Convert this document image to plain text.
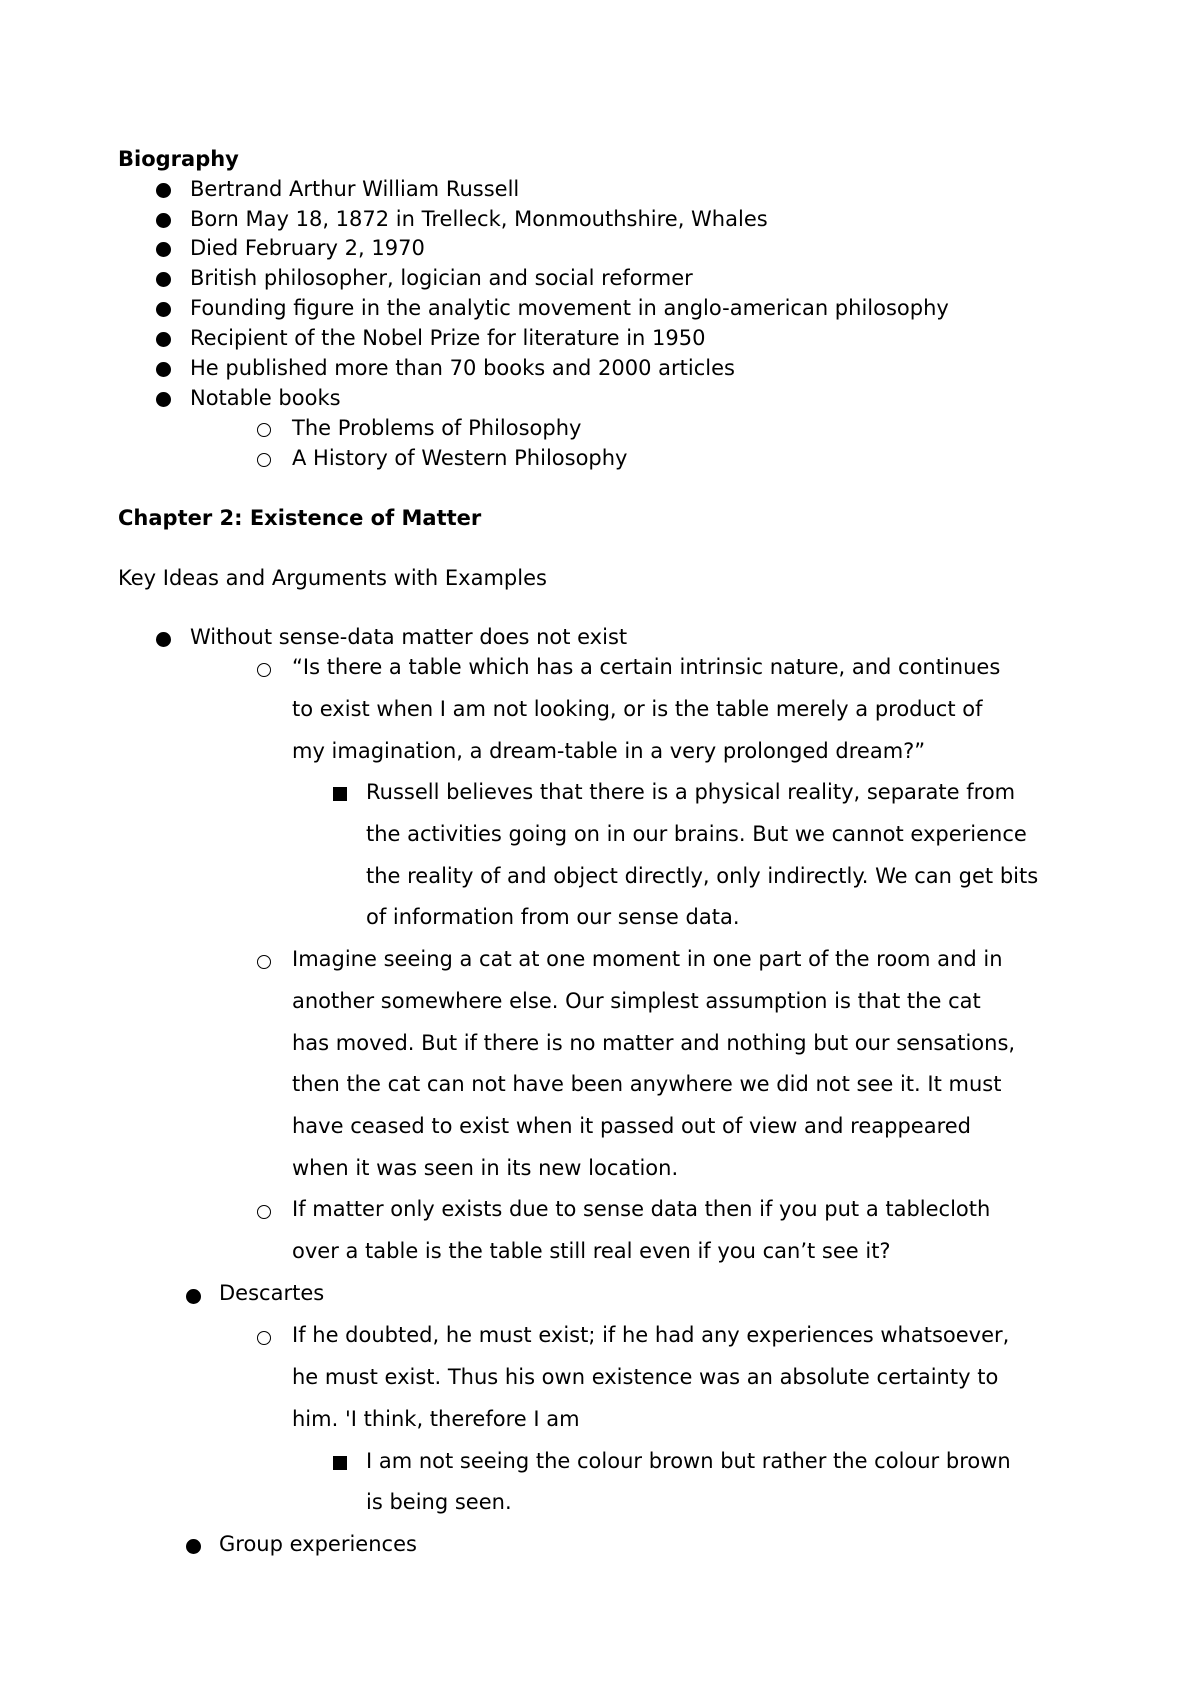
Biography
Bertrand Arthur William Russell
Born May 18, 1872 in Trelleck, Monmouthshire, Whales
Died February 2, 1970
British philosopher, logician and social reformer
Founding figure in the analytic movement in anglo-american philosophy
Recipient of the Nobel Prize for literature in 1950
He published more than 70 books and 2000 articles
Notable books
The Problems of Philosophy
A History of Western Philosophy
Chapter 2: Existence of Matter
Key Ideas and Arguments with Examples
Without sense-data matter does not exist
“Is there a table which has a certain intrinsic nature, and continues
to exist when I am not looking, or is the table merely a product of
my imagination, a dream-table in a very prolonged dream?”
Russell believes that there is a physical reality, separate from
the activities going on in our brains. But we cannot experience
the reality of and object directly, only indirectly. We can get bits
of information from our sense data.
Imagine seeing a cat at one moment in one part of the room and in
another somewhere else. Our simplest assumption is that the cat
has moved. But if there is no matter and nothing but our sensations,
then the cat can not have been anywhere we did not see it. It must
have ceased to exist when it passed out of view and reappeared
when it was seen in its new location.
If matter only exists due to sense data then if you put a tablecloth
over a table is the table still real even if you can’t see it?
Descartes
If he doubted, he must exist; if he had any experiences whatsoever,
he must exist. Thus his own existence was an absolute certainty to
him. 'I think, therefore I am
I am not seeing the colour brown but rather the colour brown
is being seen.
Group experiences
